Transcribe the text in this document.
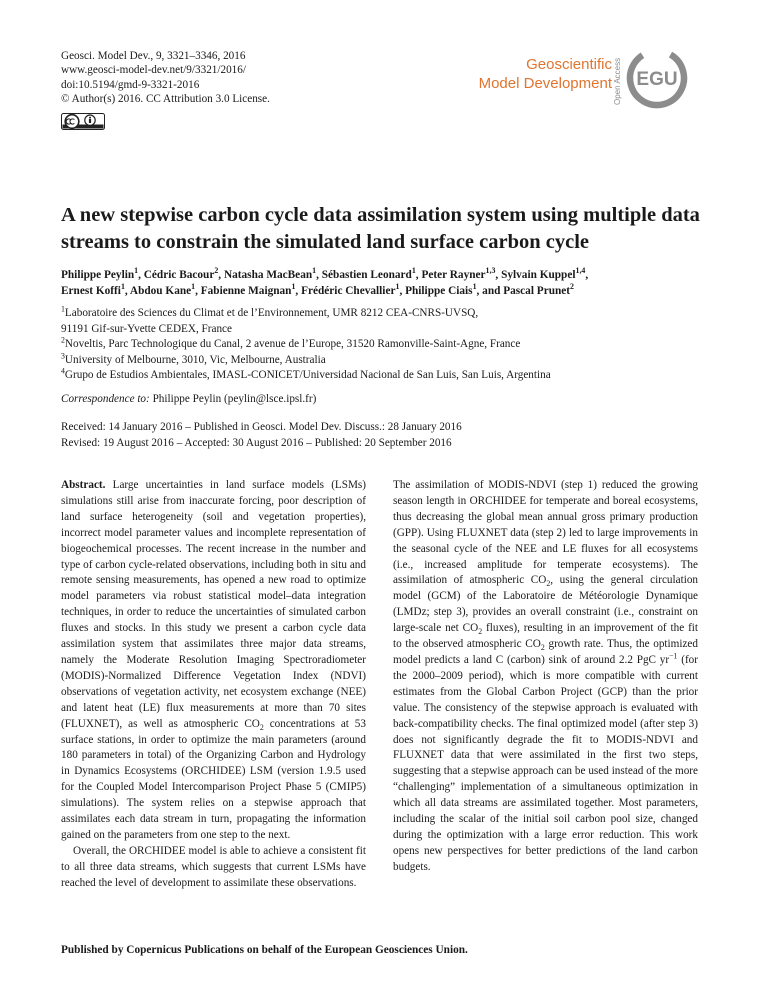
Geosci. Model Dev., 9, 3321–3346, 2016
www.geosci-model-dev.net/9/3321/2016/
doi:10.5194/gmd-9-3321-2016
© Author(s) 2016. CC Attribution 3.0 License.
Geoscientific
Model Development Open Access EGU
A new stepwise carbon cycle data assimilation system using multiple data streams to constrain the simulated land surface carbon cycle
Philippe Peylin$^1$, Cédric Bacour$^2$, Natasha MacBean$^1$, Sébastien Leonard$^1$, Peter Rayner$^{1,3}$, Sylvain Kuppel$^{1,4}$,
Ernest Koffi$^1$, Abdou Kane$^1$, Fabienne Maignan$^1$, Frédéric Chevallier$^1$, Philippe Ciais$^1$, and Pascal Prunet$^2$
$^1$Laboratoire des Sciences du Climat et de l’Environnement, UMR 8212 CEA-CNRS-UVSQ,
91191 Gif-sur-Yvette CEDEX, France
$^2$Noveltis, Parc Technologique du Canal, 2 avenue de l’Europe, 31520 Ramonville-Saint-Agne, France
$^3$University of Melbourne, 3010, Vic, Melbourne, Australia
$^4$Grupo de Estudios Ambientales, IMASL-CONICET/Universidad Nacional de San Luis, San Luis, Argentina
Correspondence to: Philippe Peylin (peylin@lsce.ipsl.fr)
Received: 14 January 2016 – Published in Geosci. Model Dev. Discuss.: 28 January 2016
Revised: 19 August 2016 – Accepted: 30 August 2016 – Published: 20 September 2016

Abstract. Large uncertainties in land surface models (LSMs) simulations still arise from inaccurate forcing, poor description of land surface heterogeneity (soil and vegetation properties), incorrect model parameter values and incomplete representation of biogeochemical processes. The recent increase in the number and type of carbon cycle-related observations, including both in situ and remote sensing measurements, has opened a new road to optimize model parameters via robust statistical model–data integration techniques, in order to reduce the uncertainties of simulated carbon fluxes and stocks. In this study we present a carbon cycle data assimilation system that assimilates three major data streams, namely the Moderate Resolution Imaging Spectroradiometer (MODIS)-Normalized Difference Vegetation Index (NDVI) observations of vegetation activity, net ecosystem exchange (NEE) and latent heat (LE) flux measurements at more than 70 sites (FLUXNET), as well as atmospheric $CO_2$ concentrations at 53 surface stations, in order to optimize the main parameters (around 180 parameters in total) of the Organizing Carbon and Hydrology in Dynamics Ecosystems (ORCHIDEE) LSM (version 1.9.5 used for the Coupled Model Intercomparison Project Phase 5 (CMIP5) simulations). The system relies on a stepwise approach that assimilates each data stream in turn, propagating the information gained on the parameters from one step to the next.

Overall, the ORCHIDEE model is able to achieve a consistent fit to all three data streams, which suggests that current LSMs have reached the level of development to assimilate these observations.

Published by Copernicus Publications on behalf of the European Geosciences Union.

The assimilation of MODIS-NDVI (step 1) reduced the growing season length in ORCHIDEE for temperate and boreal ecosystems, thus decreasing the global mean annual gross primary production (GPP). Using FLUXNET data (step 2) led to large improvements in the seasonal cycle of the NEE and LE fluxes for all ecosystems (i.e., increased amplitude for temperate ecosystems). The assimilation of atmospheric $CO_2$, using the general circulation model (GCM) of the Laboratoire de Météorologie Dynamique (LMDz; step 3), provides an overall constraint (i.e., constraint on large-scale net $CO_2$ fluxes), resulting in an improvement of the fit to the observed atmospheric $CO_2$ growth rate. Thus, the optimized model predicts a land C (carbon) sink of around 2.2 PgC $yr^{-1}$ (for the 2000–2009 period), which is more compatible with current estimates from the Global Carbon Project (GCP) than the prior value. The consistency of the stepwise approach is evaluated with back-compatibility checks. The final optimized model (after step 3) does not significantly degrade the fit to MODIS-NDVI and FLUXNET data that were assimilated in the first two steps, suggesting that a stepwise approach can be used instead of the more “challenging” implementation of a simultaneous optimization in which all data streams are assimilated together. Most parameters, including the scalar of the initial soil carbon pool size, changed during the optimization with a large error reduction. This work opens new perspectives for better predictions of the land carbon budgets.
